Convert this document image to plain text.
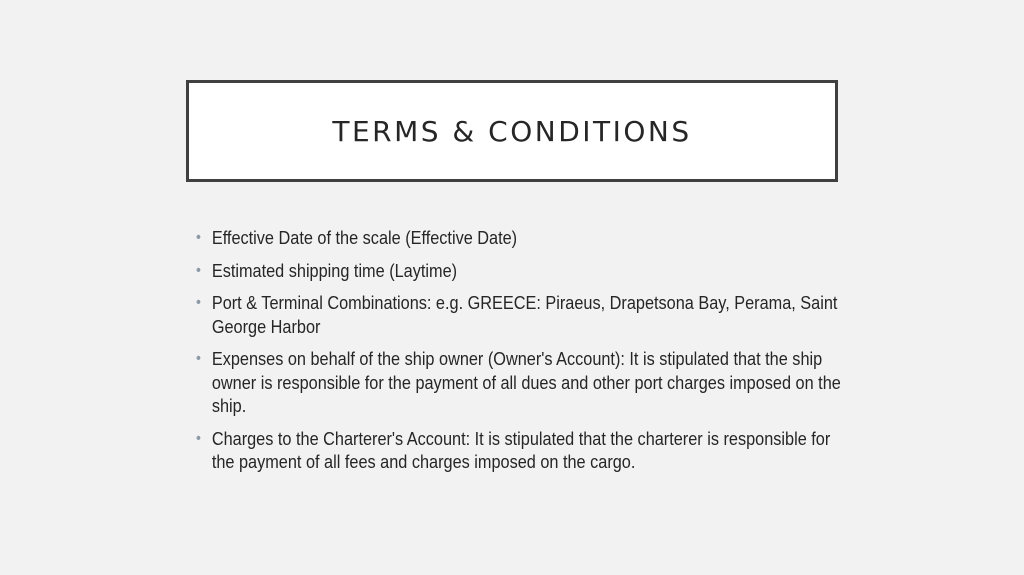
TERMS & CONDITIONS
• Effective Date of the scale (Effective Date)
• Estimated shipping time (Laytime)
• Port & Terminal Combinations: e.g. GREECE: Piraeus, Drapetsona Bay, Perama, Saint George Harbor
• Expenses on behalf of the ship owner (Owner's Account): It is stipulated that the ship owner is responsible for the payment of all dues and other port charges imposed on the ship.
• Charges to the Charterer's Account: It is stipulated that the charterer is responsible for the payment of all fees and charges imposed on the cargo.
